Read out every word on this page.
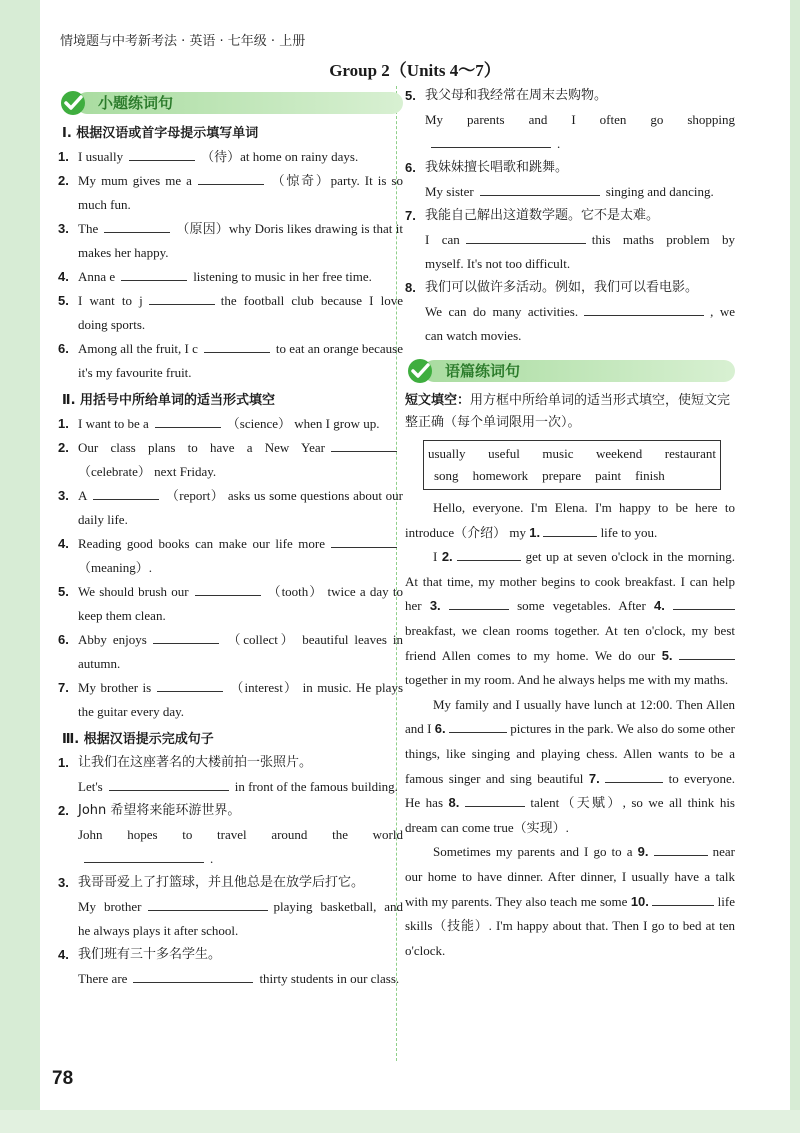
情境题与中考新考法 · 英语 · 七年级 · 上册
Group 2（Units 4～7）
小题练词句
Ⅰ. 根据汉语或首字母提示填写单词
1. I usually	（待）at home on rainy days.
2. My mum gives me a	（惊奇）party. It is so much fun.
3. The	（原因）why Doris likes drawing is that it makes her happy.
4. Anna e	listening to music in her free time.
5. I want to j	the football club because I love doing sports.
6. Among all the fruit, I c	to eat an orange because it's my favourite fruit.
Ⅱ. 用括号中所给单词的适当形式填空
1. I want to be a	（science） when I grow up.
2. Our class plans to have a New Year（celebrate） next Friday.
3. A	（report） asks us some questions about our daily life.
4. Reading good books can make our life more（meaning）.
5. We should brush our	（tooth） twice a day to keep them clean.
6. Abby enjoys	（collect） beautiful leaves in autumn.
7. My brother is	（interest） in music. He plays the guitar every day.
Ⅲ. 根据汉语提示完成句子
1. 让我们在这座著名的大楼前拍一张照片。
Let's	in front of the famous building.
2. John 希望将来能环游世界。
John hopes to travel around the world.
3. 我哥哥爱上了打篮球，并且他总是在放学后打它。
My brother	playing basketball, and he always plays it after school.
4. 我们班有三十多名学生。
There are	thirty students in our class.
5. 我父母和我经常在周末去购物。
My parents and I often go shopping.
6. 我妹妹擅长唱歌和跳舞。
My sister	singing and dancing.
7. 我能自己解出这道数学题。它不是太难。
I can	this maths problem by myself. It's not too difficult.
8. 我们可以做许多活动。例如，我们可以看电影。
We can do many activities.	, we can watch movies.
语篇练词句
短文填空：用方框中所给单词的适当形式填空，使短文完整正确（每个单词限用一次）。
usually useful music weekend restaurant
song homework prepare paint finish

Hello, everyone. I'm Elena. I'm happy to be here to introduce（介绍） my 1.	life to you.

I 2.	get up at seven o'clock in the morning. At that time, my mother begins to cook breakfast. I can help her 3.	some vegetables. After 4.  breakfast, we clean rooms together. At ten o'clock, my best friend Allen comes to my home. We do our 5.  together in my room. And he always helps me with my maths.

My family and I usually have lunch at 12:00. Then Allen and I 6.	pictures in the park. We also do some other things, like singing and playing chess. Allen wants to be a famous singer and sing beautiful 7.	to everyone. He has 8.	talent（天赋）, so we all think his dream can come true（实现）.

Sometimes my parents and I go to a 9.	near our home to have dinner. After dinner, I usually have a talk with my parents. They also teach me some 10.	life skills（技能）. I'm happy about that. Then I go to bed at ten o'clock.

78
